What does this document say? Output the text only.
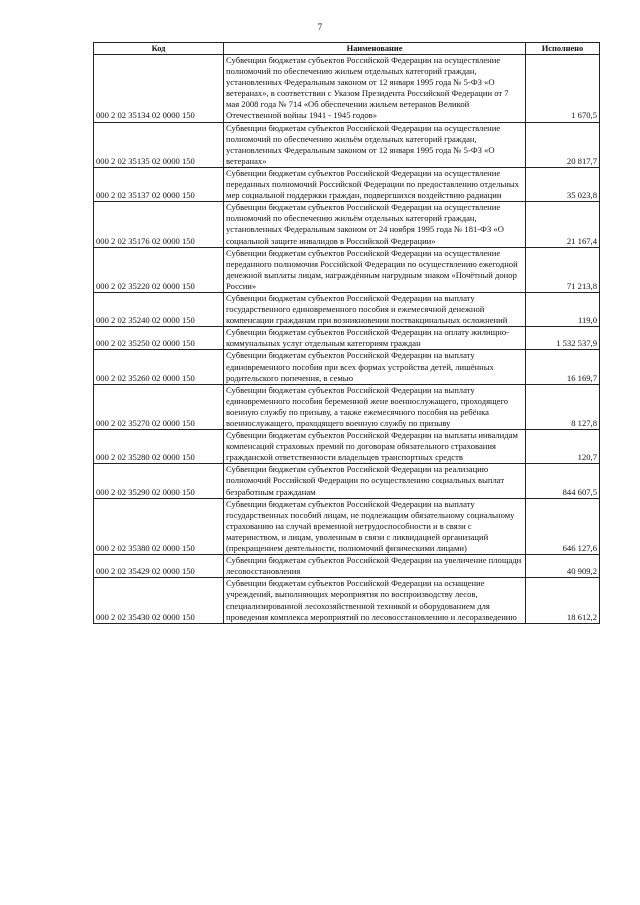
7
Код	Наименование	Исполнено
000 2 02 35134 02 0000 150	Субвенции бюджетам субъектов Российской Федерации на осуществление полномочий по обеспечению жильем отдельных категорий граждан, установленных Федеральным законом от 12 января 1995 года № 5-ФЗ «О ветеранах», в соответствии с Указом Президента Российской Федерации от 7 мая 2008 года № 714 «Об обеспечении жильем ветеранов Великой Отечественной войны 1941 - 1945 годов»	1 670,5
000 2 02 35135 02 0000 150	Субвенции бюджетам субъектов Российской Федерации на осуществление полномочий по обеспечению жильём отдельных категорий граждан, установленных Федеральным законом от 12 января 1995 года № 5-ФЗ «О ветеранах»	20 817,7
000 2 02 35137 02 0000 150	Субвенции бюджетам субъектов Российской Федерации на осуществление переданных полномочий Российской Федерации по предоставлению отдельных мер социальной поддержки граждан, подвергшихся воздействию радиации	35 023,8
000 2 02 35176 02 0000 150	Субвенции бюджетам субъектов Российской Федерации на осуществление полномочий по обеспечению жильём отдельных категорий граждан, установленных Федеральным законом от 24 ноября 1995 года № 181-ФЗ «О социальной защите инвалидов в Российской Федерации»	21 167,4
000 2 02 35220 02 0000 150	Субвенции бюджетам субъектов Российской Федерации на осуществление переданного полномочия Российской Федерации по осуществлению ежегодной денежной выплаты лицам, награждённым нагрудным знаком «Почётный донор России»	71 213,8
000 2 02 35240 02 0000 150	Субвенции бюджетам субъектов Российской Федерации на выплату государственного единовременного пособия и ежемесячной денежной компенсации гражданам при возникновении поствакцинальных осложнений	119,0
000 2 02 35250 02 0000 150	Субвенции бюджетам субъектов Российской Федерации на оплату жилищно-коммунальных услуг отдельным категориям граждан	1 532 537,9
000 2 02 35260 02 0000 150	Субвенции бюджетам субъектов Российской Федерации на выплату единовременного пособия при всех формах устройства детей, лишённых родительского попечения, в семью	16 169,7
000 2 02 35270 02 0000 150	Субвенции бюджетам субъектов Российской Федерации на выплату единовременного пособия беременной жене военнослужащего, проходящего военную службу по призыву, а также ежемесячного пособия на ребёнка военнослужащего, проходящего военную службу по призыву	8 127,8
000 2 02 35280 02 0000 150	Субвенции бюджетам субъектов Российской Федерации на выплаты инвалидам компенсаций страховых премий по договорам обязательного страхования гражданской ответственности владельцев транспортных средств	120,7
000 2 02 35290 02 0000 150	Субвенции бюджетам субъектов Российской Федерации на реализацию полномочий Российской Федерации по осуществлению социальных выплат безработным гражданам	844 607,5
000 2 02 35380 02 0000 150	Субвенции бюджетам субъектов Российской Федерации на выплату государственных пособий лицам, не подлежащим обязательному социальному страхованию на случай временной нетрудоспособности и в связи с материнством, и лицам, уволенным в связи с ликвидацией организаций (прекращением деятельности, полномочий физическими лицами)	646 127,6
000 2 02 35429 02 0000 150	Субвенции бюджетам субъектов Российской Федерации на увеличение площади лесовосстановления	40 909,2
000 2 02 35430 02 0000 150	Субвенции бюджетам субъектов Российской Федерации на оснащение учреждений, выполняющих мероприятия по воспроизводству лесов, специализированной лесохозяйственной техникой и оборудованием для проведения комплекса мероприятий по лесовосстановлению и лесоразведению	18 612,2
